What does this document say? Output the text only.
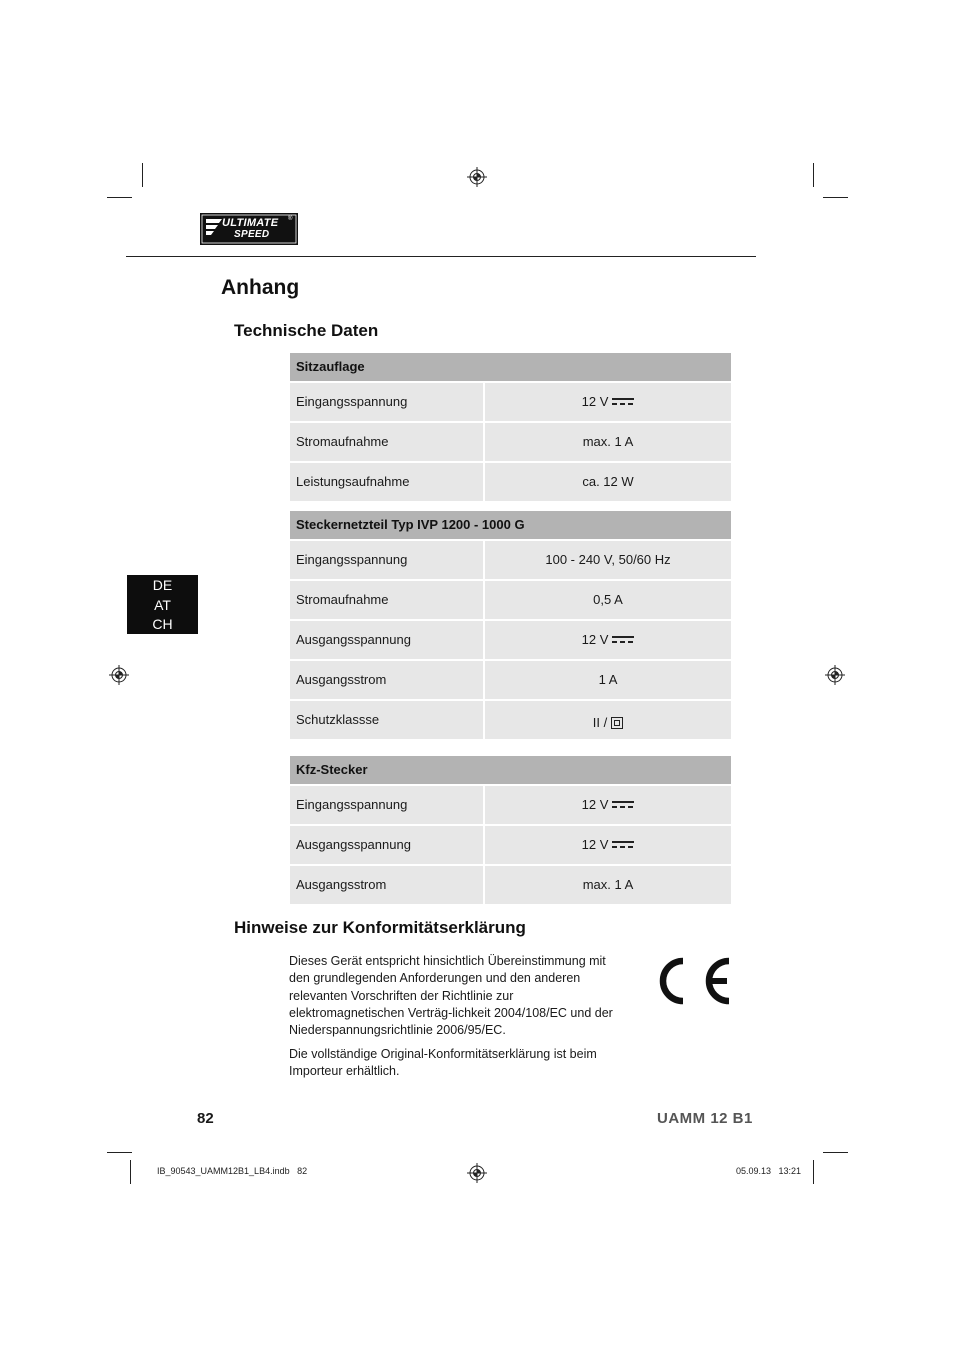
ULTIMATE
SPEED
®
Anhang
Technische Daten
DE
AT
CH
Sitzauflage
Eingangsspannung	12 V
Stromaufnahme	max. 1 A
Leistungsaufnahme	ca. 12 W
Steckernetzteil Typ IVP 1200 - 1000 G
Eingangsspannung	100 - 240 V, 50/60 Hz
Stromaufnahme	0,5 A
Ausgangsspannung	12 V
Ausgangsstrom	1 A
Schutzklassse	II /
Kfz-Stecker
Eingangsspannung	12 V
Ausgangsspannung	12 V
Ausgangsstrom	max. 1 A
Hinweise zur Konformitätserklärung
Dieses Gerät entspricht hinsichtlich Übereinstimmung mit den grundlegenden Anforderungen und den anderen relevanten Vorschriften der Richtlinie zur elektromagnetischen Verträg-lichkeit 2004/108/EC und der Niederspannungsrichtlinie 2006/95/EC.
Die vollständige Original-Konformitätserklärung ist beim Importeur erhältlich.
82	UAMM 12 B1
IB_90543_UAMM12B1_LB4.indb   82	05.09.13   13:21
